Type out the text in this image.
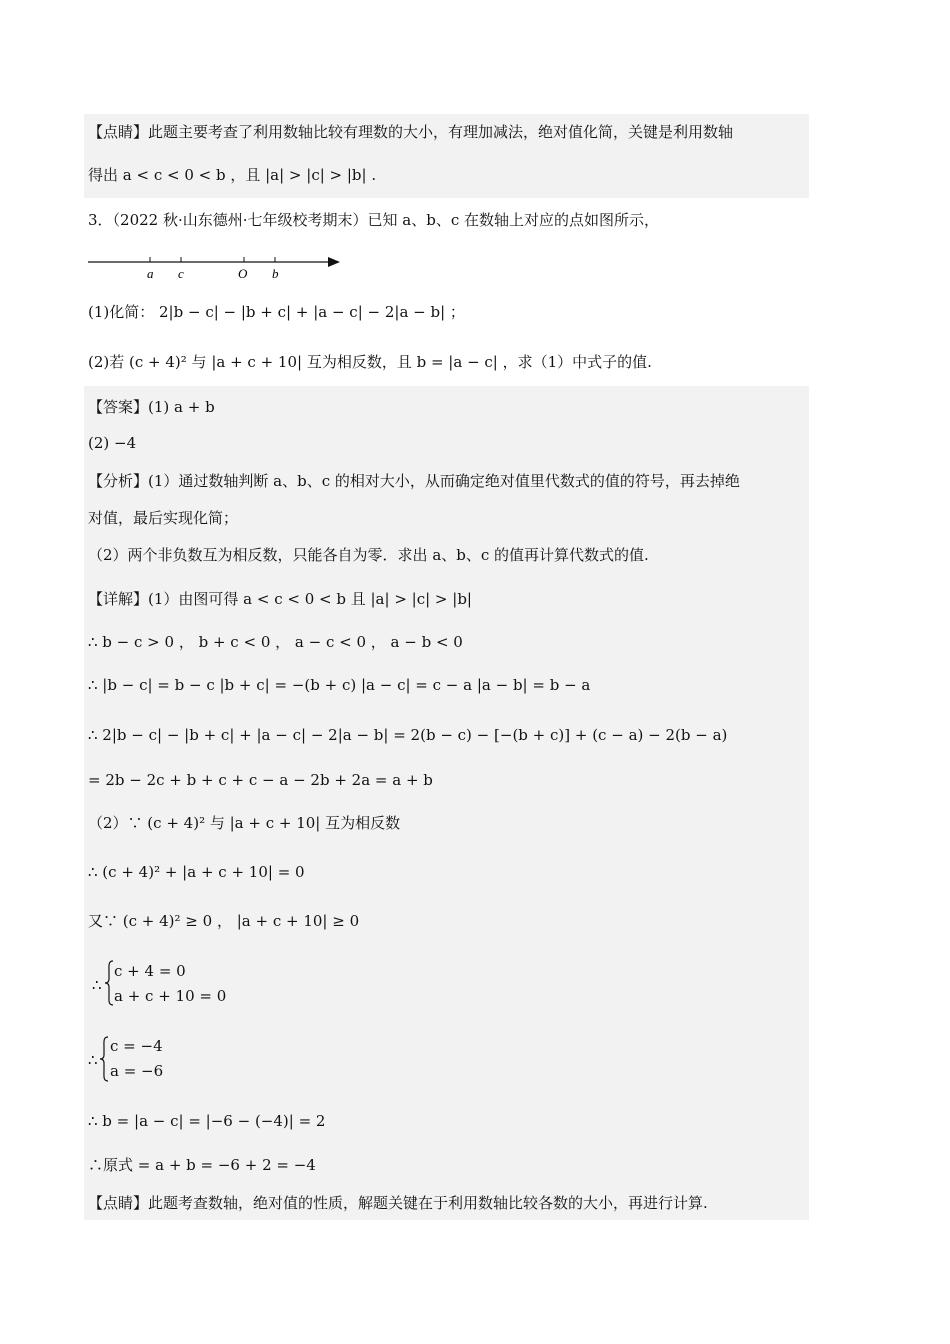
【点睛】此题主要考查了利用数轴比较有理数的大小，有理加减法，绝对值化简，关键是利用数轴
得出 a < c < 0 < b ，且 |a| > |c| > |b| .
3．（2022 秋·山东德州·七年级校考期末）已知 a、b、c 在数轴上对应的点如图所示，
a c	O b
(1)化简： 2|b − c| − |b + c| + |a − c| − 2|a − b| ；
(2)若 (c + 4)² 与 |a + c + 10| 互为相反数，且 b = |a − c| ，求（1）中式子的值.
【答案】(1) a + b
(2) −4
【分析】(1）通过数轴判断 a、b、c 的相对大小，从而确定绝对值里代数式的值的符号，再去掉绝
对值，最后实现化简；
（2）两个非负数互为相反数，只能各自为零．求出 a、b、c 的值再计算代数式的值.
【详解】(1）由图可得 a < c < 0 < b 且 |a| > |c| > |b|
∴ b − c > 0 ， b + c < 0 ， a − c < 0 ， a − b < 0
∴ |b − c| = b − c |b + c| = −(b + c) |a − c| = c − a |a − b| = b − a
∴ 2|b − c| − |b + c| + |a − c| − 2|a − b| = 2(b − c) − [−(b + c)] + (c − a) − 2(b − a)
= 2b − 2c + b + c + c − a − 2b + 2a = a + b
（2）∵ (c + 4)² 与 |a + c + 10| 互为相反数
∴ (c + 4)² + |a + c + 10| = 0
又∵ (c + 4)² ≥ 0 ， |a + c + 10| ≥ 0
∴
c + 4 = 0
a + c + 10 = 0
∴
c = −4
a = −6
∴ b = |a − c| = |−6 − (−4)| = 2
∴原式 = a + b = −6 + 2 = −4
【点睛】此题考查数轴，绝对值的性质，解题关键在于利用数轴比较各数的大小，再进行计算.
